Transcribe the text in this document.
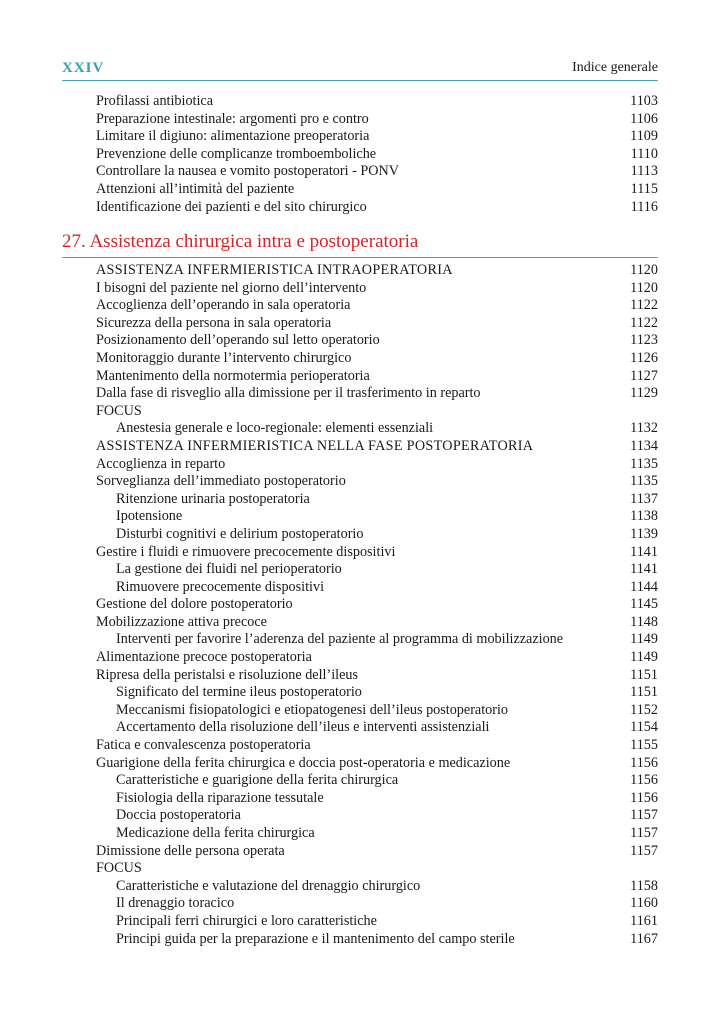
XXIV	Indice generale
Profilassi antibiotica	1103
Preparazione intestinale: argomenti pro e contro	1106
Limitare il digiuno: alimentazione preoperatoria	1109
Prevenzione delle complicanze tromboemboliche	1110
Controllare la nausea e vomito postoperatori - PONV	1113
Attenzioni all’intimità del paziente	1115
Identificazione dei pazienti e del sito chirurgico	1116
27. Assistenza chirurgica intra e postoperatoria
ASSISTENZA INFERMIERISTICA INTRAOPERATORIA	1120
I bisogni del paziente nel giorno dell’intervento	1120
Accoglienza dell’operando in sala operatoria	1122
Sicurezza della persona in sala operatoria	1122
Posizionamento dell’operando sul letto operatorio	1123
Monitoraggio durante l’intervento chirurgico	1126
Mantenimento della normotermia perioperatoria	1127
Dalla fase di risveglio alla dimissione per il trasferimento in reparto	1129
FOCUS
Anestesia generale e loco-regionale: elementi essenziali	1132
ASSISTENZA INFERMIERISTICA NELLA FASE POSTOPERATORIA	1134
Accoglienza in reparto	1135
Sorveglianza dell’immediato postoperatorio	1135
Ritenzione urinaria postoperatoria	1137
Ipotensione	1138
Disturbi cognitivi e delirium postoperatorio	1139
Gestire i fluidi e rimuovere precocemente dispositivi	1141
La gestione dei fluidi nel perioperatorio	1141
Rimuovere precocemente dispositivi	1144
Gestione del dolore postoperatorio	1145
Mobilizzazione attiva precoce	1148
Interventi per favorire l’aderenza del paziente al programma di mobilizzazione	1149
Alimentazione precoce postoperatoria	1149
Ripresa della peristalsi e risoluzione dell’ileus	1151
Significato del termine ileus postoperatorio	1151
Meccanismi fisiopatologici e etiopatogenesi dell’ileus postoperatorio	1152
Accertamento della risoluzione dell’ileus e interventi assistenziali	1154
Fatica e convalescenza postoperatoria	1155
Guarigione della ferita chirurgica e doccia post-operatoria e medicazione	1156
Caratteristiche e guarigione della ferita chirurgica	1156
Fisiologia della riparazione tessutale	1156
Doccia postoperatoria	1157
Medicazione della ferita chirurgica	1157
Dimissione delle persona operata	1157
FOCUS
Caratteristiche e valutazione del drenaggio chirurgico	1158
Il drenaggio toracico	1160
Principali ferri chirurgici e loro caratteristiche	1161
Principi guida per la preparazione e il mantenimento del campo sterile	1167
